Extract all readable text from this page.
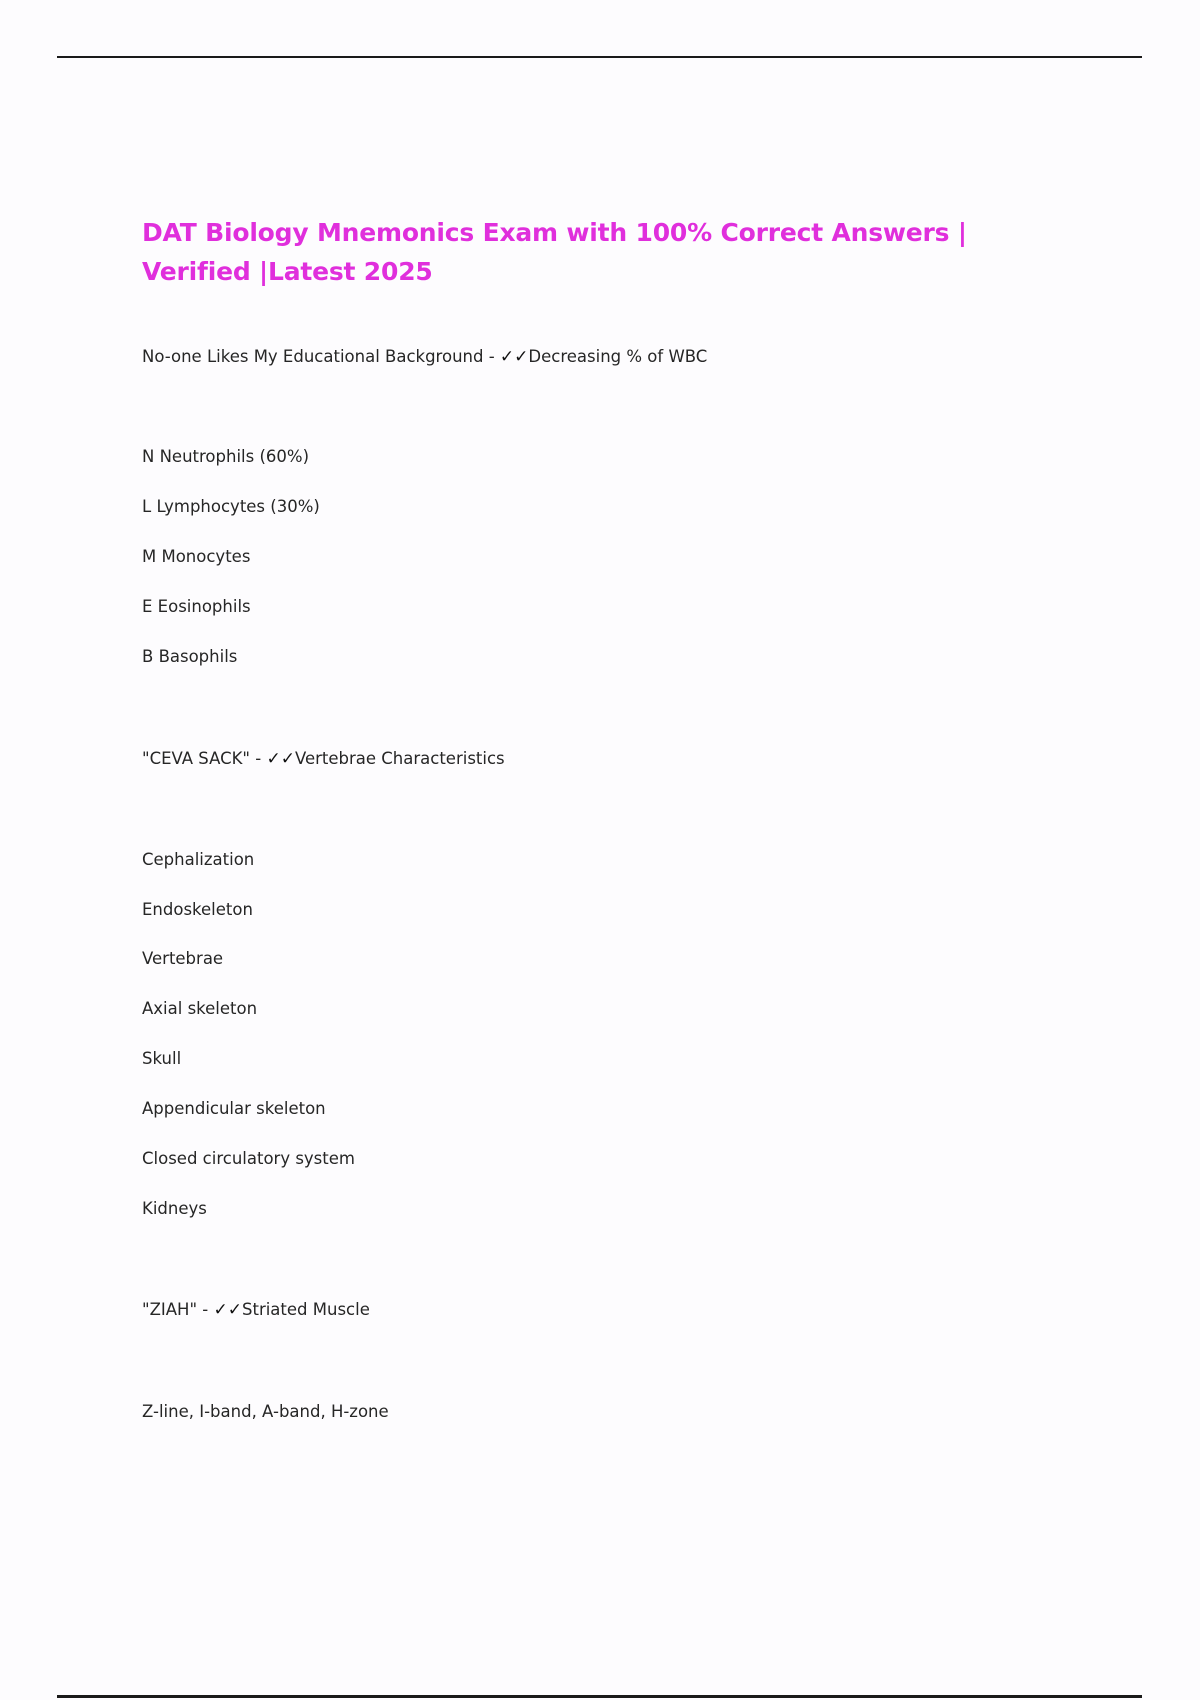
DAT Biology Mnemonics Exam with 100% Correct Answers | Verified |Latest 2025

No-one Likes My Educational Background - ✓✓Decreasing % of WBC

N Neutrophils (60%)

L Lymphocytes (30%)

M Monocytes

E Eosinophils

B Basophils

"CEVA SACK" - ✓✓Vertebrae Characteristics

Cephalization

Endoskeleton

Vertebrae

Axial skeleton

Skull

Appendicular skeleton

Closed circulatory system

Kidneys

"ZIAH" - ✓✓Striated Muscle

Z-line, I-band, A-band, H-zone
